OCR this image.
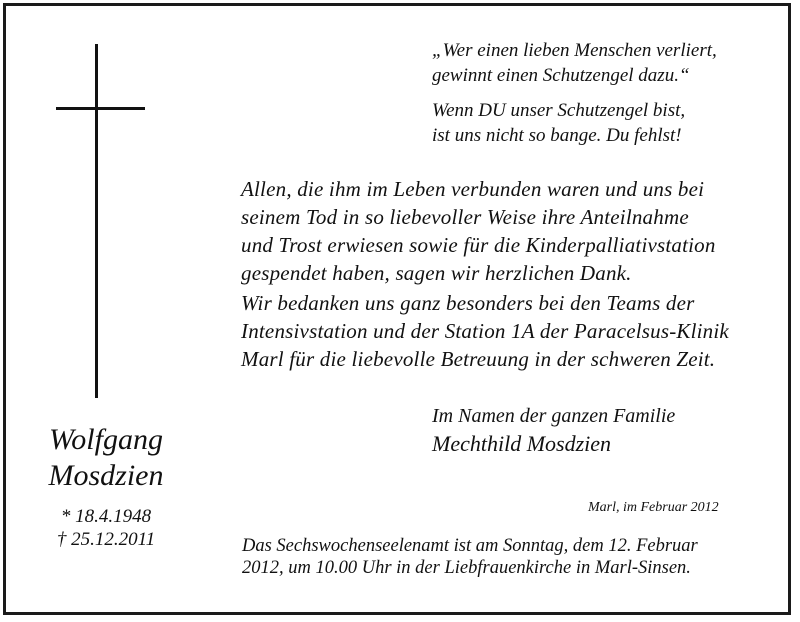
Wolfgang
Mosdzien
* 18.4.1948
† 25.12.2011
„Wer einen lieben Menschen verliert,
gewinnt einen Schutzengel dazu.“
Wenn DU unser Schutzengel bist,
ist uns nicht so bange. Du fehlst!
Allen, die ihm im Leben verbunden waren und uns bei
seinem Tod in so liebevoller Weise ihre Anteilnahme
und Trost erwiesen sowie für die Kinderpalliativstation
gespendet haben, sagen wir herzlichen Dank.
Wir bedanken uns ganz besonders bei den Teams der
Intensivstation und der Station 1A der Paracelsus-Klinik
Marl für die liebevolle Betreuung in der schweren Zeit.
Im Namen der ganzen Familie
Mechthild Mosdzien
Marl, im Februar 2012
Das Sechswochenseelenamt ist am Sonntag, dem 12. Februar
2012, um 10.00 Uhr in der Liebfrauenkirche in Marl-Sinsen.
